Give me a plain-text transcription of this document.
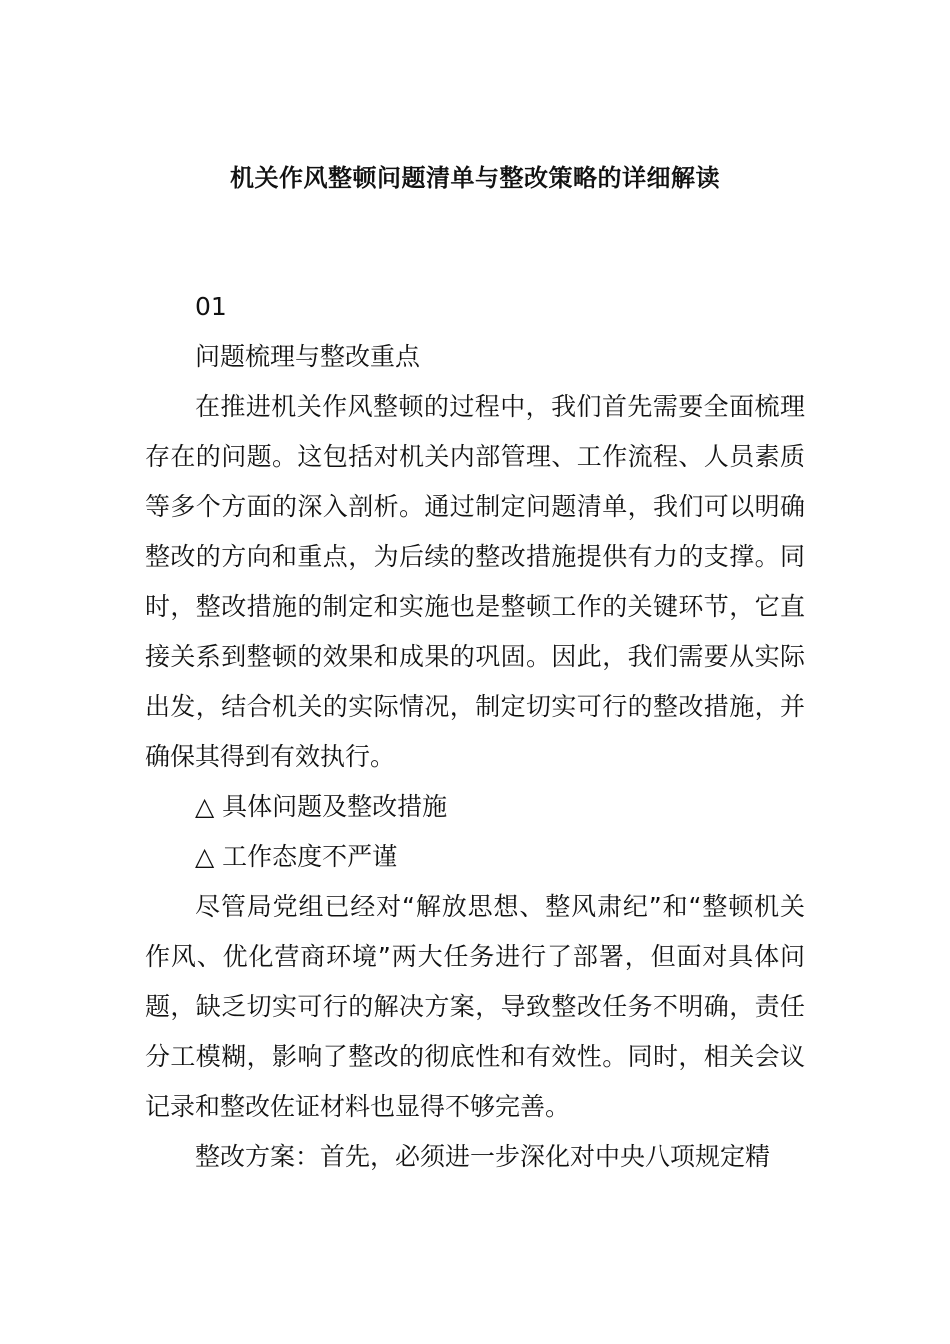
机关作风整顿问题清单与整改策略的详细解读

01

问题梳理与整改重点

在推进机关作风整顿的过程中，我们首先需要全面梳理存在的问题。这包括对机关内部管理、工作流程、人员素质等多个方面的深入剖析。通过制定问题清单，我们可以明确整改的方向和重点，为后续的整改措施提供有力的支撑。同时，整改措施的制定和实施也是整顿工作的关键环节，它直接关系到整顿的效果和成果的巩固。因此，我们需要从实际出发，结合机关的实际情况，制定切实可行的整改措施，并确保其得到有效执行。

△ 具体问题及整改措施

△ 工作态度不严谨

尽管局党组已经对“解放思想、整风肃纪”和“整顿机关作风、优化营商环境”两大任务进行了部署，但面对具体问题，缺乏切实可行的解决方案，导致整改任务不明确，责任分工模糊，影响了整改的彻底性和有效性。同时，相关会议记录和整改佐证材料也显得不够完善。

整改方案：首先，必须进一步深化对中央八项规定精
